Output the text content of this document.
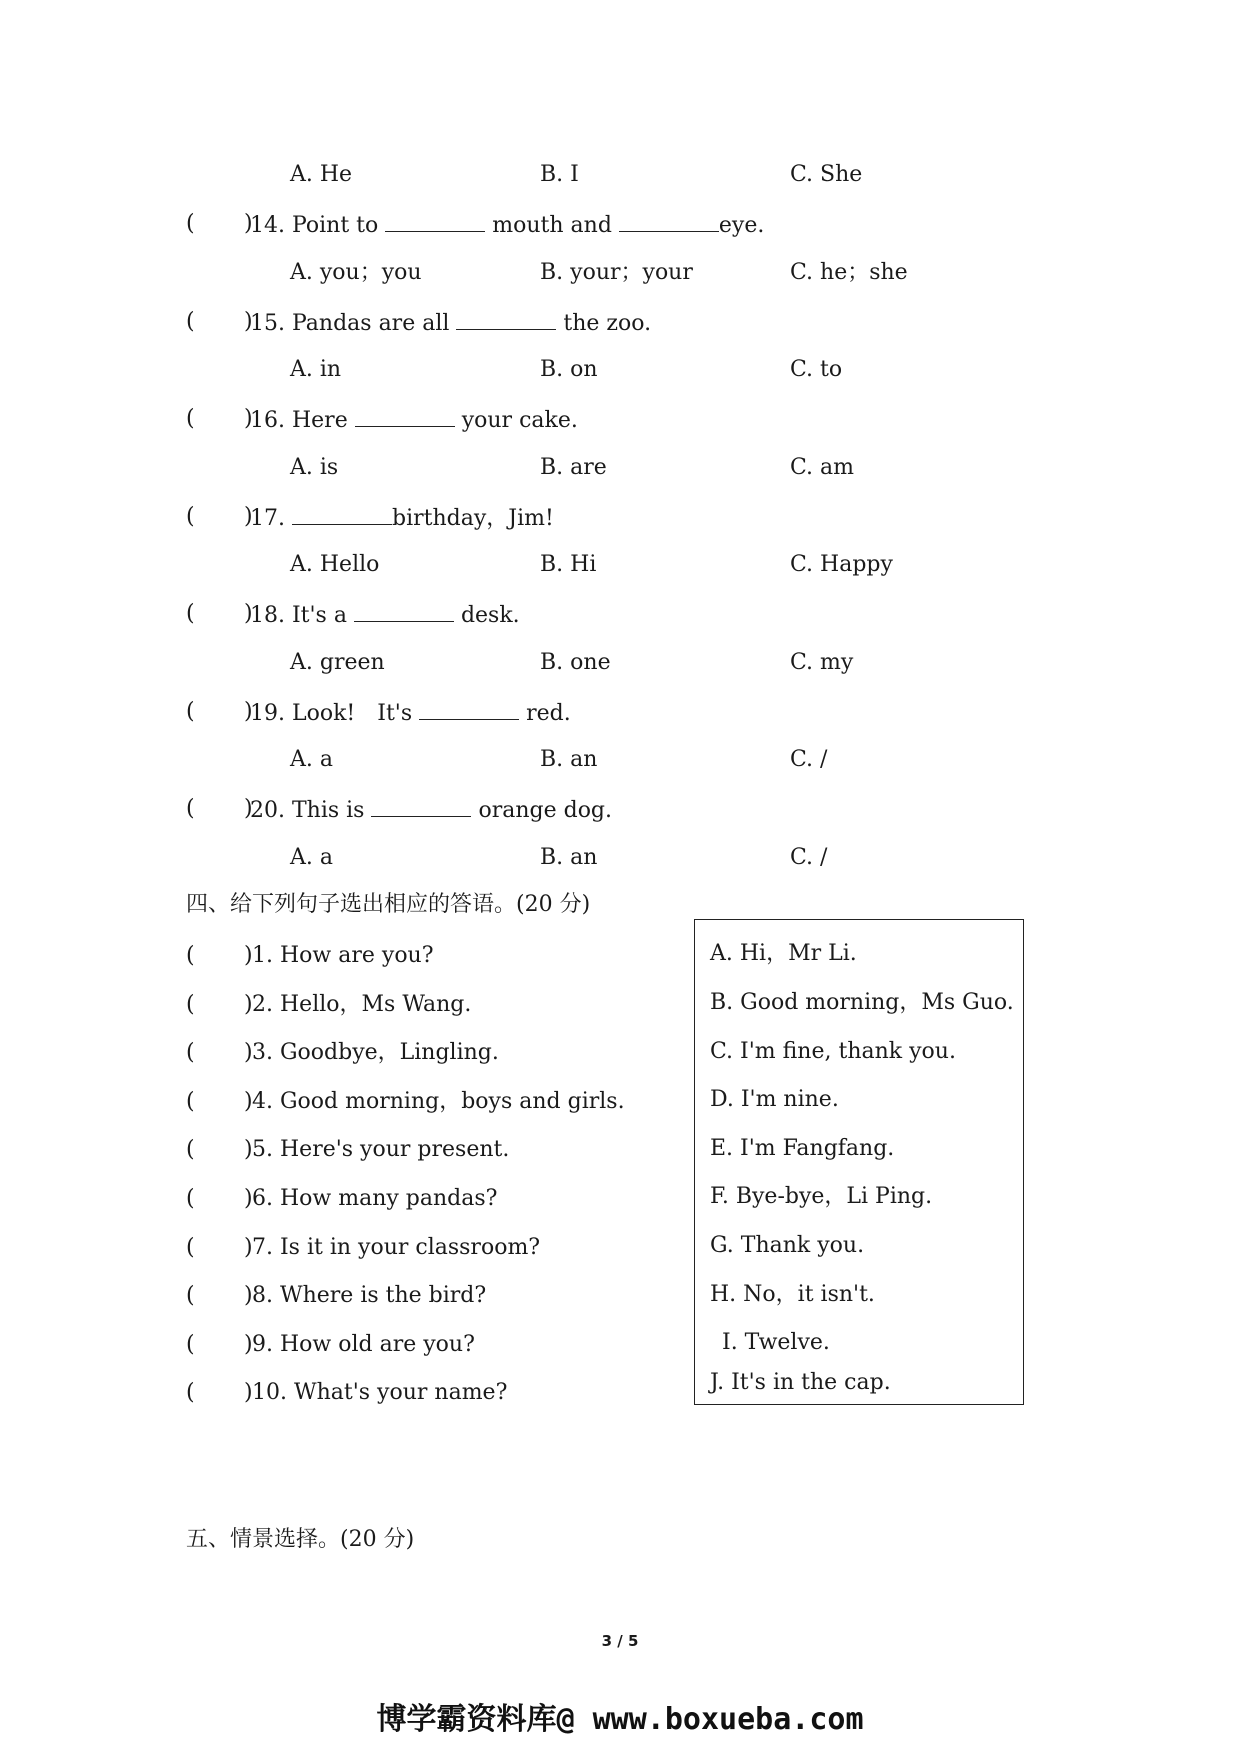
A. He	B. I	C. She
( )
14. Point to	mouth and	eye.
A. you；you	B. your；your	C. he；she
( )
15. Pandas are all	the zoo.
A. in	B. on	C. to
( )
16. Here	your cake.
A. is	B. are	C. am
( )
17.	birthday，Jim!
A. Hello	B. Hi	C. Happy
( )
18. It's a	desk.
A. green	B. one	C. my
( )
19. Look!　It's	red.
A. a	B. an	C. /
( )
20. This is	orange dog.
A. a	B. an	C. /
四、给下列句子选出相应的答语。(20 分)
( ) 1. How are you?
( ) 2. Hello，Ms Wang.
( ) 3. Goodbye，Lingling.
( ) 4. Good morning，boys and girls.
( ) 5. Here's your present.
( ) 6. How many pandas?
( ) 7. Is it in your classroom?
( ) 8. Where is the bird?
( ) 9. How old are you?
( ) 10. What's your name?
A. Hi，Mr Li.
B. Good morning，Ms Guo.
C. I'm fine, thank you.
D. I'm nine.
E. I'm Fangfang.
F. Bye-bye，Li Ping.
G. Thank you.
H. No，it isn't.
I. Twelve.
J. It's in the cap.
五、情景选择。(20 分)
3 / 5
博学霸资料库@ www.boxueba.com
